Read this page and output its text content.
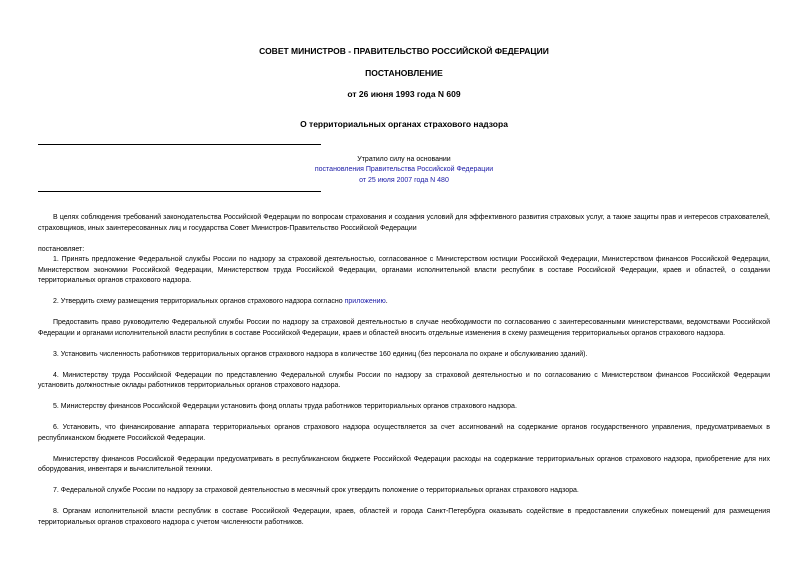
СОВЕТ МИНИСТРОВ - ПРАВИТЕЛЬСТВО РОССИЙСКОЙ ФЕДЕРАЦИИ
ПОСТАНОВЛЕНИЕ
от 26 июня 1993 года N 609
О территориальных органах страхового надзора
Утратило силу на основании
постановления Правительства Российской Федерации
от 25 июля 2007 года N 480

В целях соблюдения требований законодательства Российской Федерации по вопросам страхования и создания условий для эффективного развития страховых услуг, а также защиты прав и интересов страхователей, страховщиков, иных заинтересованных лиц и государства Совет Министров-Правительство Российской Федерации

постановляет:

1. Принять предложение Федеральной службы России по надзору за страховой деятельностью, согласованное с Министерством юстиции Российской Федерации, Министерством финансов Российской Федерации, Министерством экономики Российской Федерации, Министерством труда Российской Федерации, органами исполнительной власти республик в составе Российской Федерации, краев и областей, о создании территориальных органов страхового надзора.

2. Утвердить схему размещения территориальных органов страхового надзора согласно приложению.

Предоставить право руководителю Федеральной службы России по надзору за страховой деятельностью в случае необходимости по согласованию с заинтересованными министерствами, ведомствами Российской Федерации и органами исполнительной власти республик в составе Российской Федерации, краев и областей вносить отдельные изменения в схему размещения территориальных органов страхового надзора.

3. Установить численность работников территориальных органов страхового надзора в количестве 160 единиц (без персонала по охране и обслуживанию зданий).

4. Министерству труда Российской Федерации по представлению Федеральной службы России по надзору за страховой деятельностью и по согласованию с Министерством финансов Российской Федерации установить должностные оклады работников территориальных органов страхового надзора.

5. Министерству финансов Российской Федерации установить фонд оплаты труда работников территориальных органов страхового надзора.

6. Установить, что финансирование аппарата территориальных органов страхового надзора осуществляется за счет ассигнований на содержание органов государственного управления, предусматриваемых в республиканском бюджете Российской Федерации.

Министерству финансов Российской Федерации предусматривать в республиканском бюджете Российской Федерации расходы на содержание территориальных органов страхового надзора, приобретение для них оборудования, инвентаря и вычислительной техники.

7. Федеральной службе России по надзору за страховой деятельностью в месячный срок утвердить положение о территориальных органах страхового надзора.

8. Органам исполнительной власти республик в составе Российской Федерации, краев, областей и города Санкт-Петербурга оказывать содействие в предоставлении служебных помещений для размещения территориальных органов страхового надзора с учетом численности работников.
